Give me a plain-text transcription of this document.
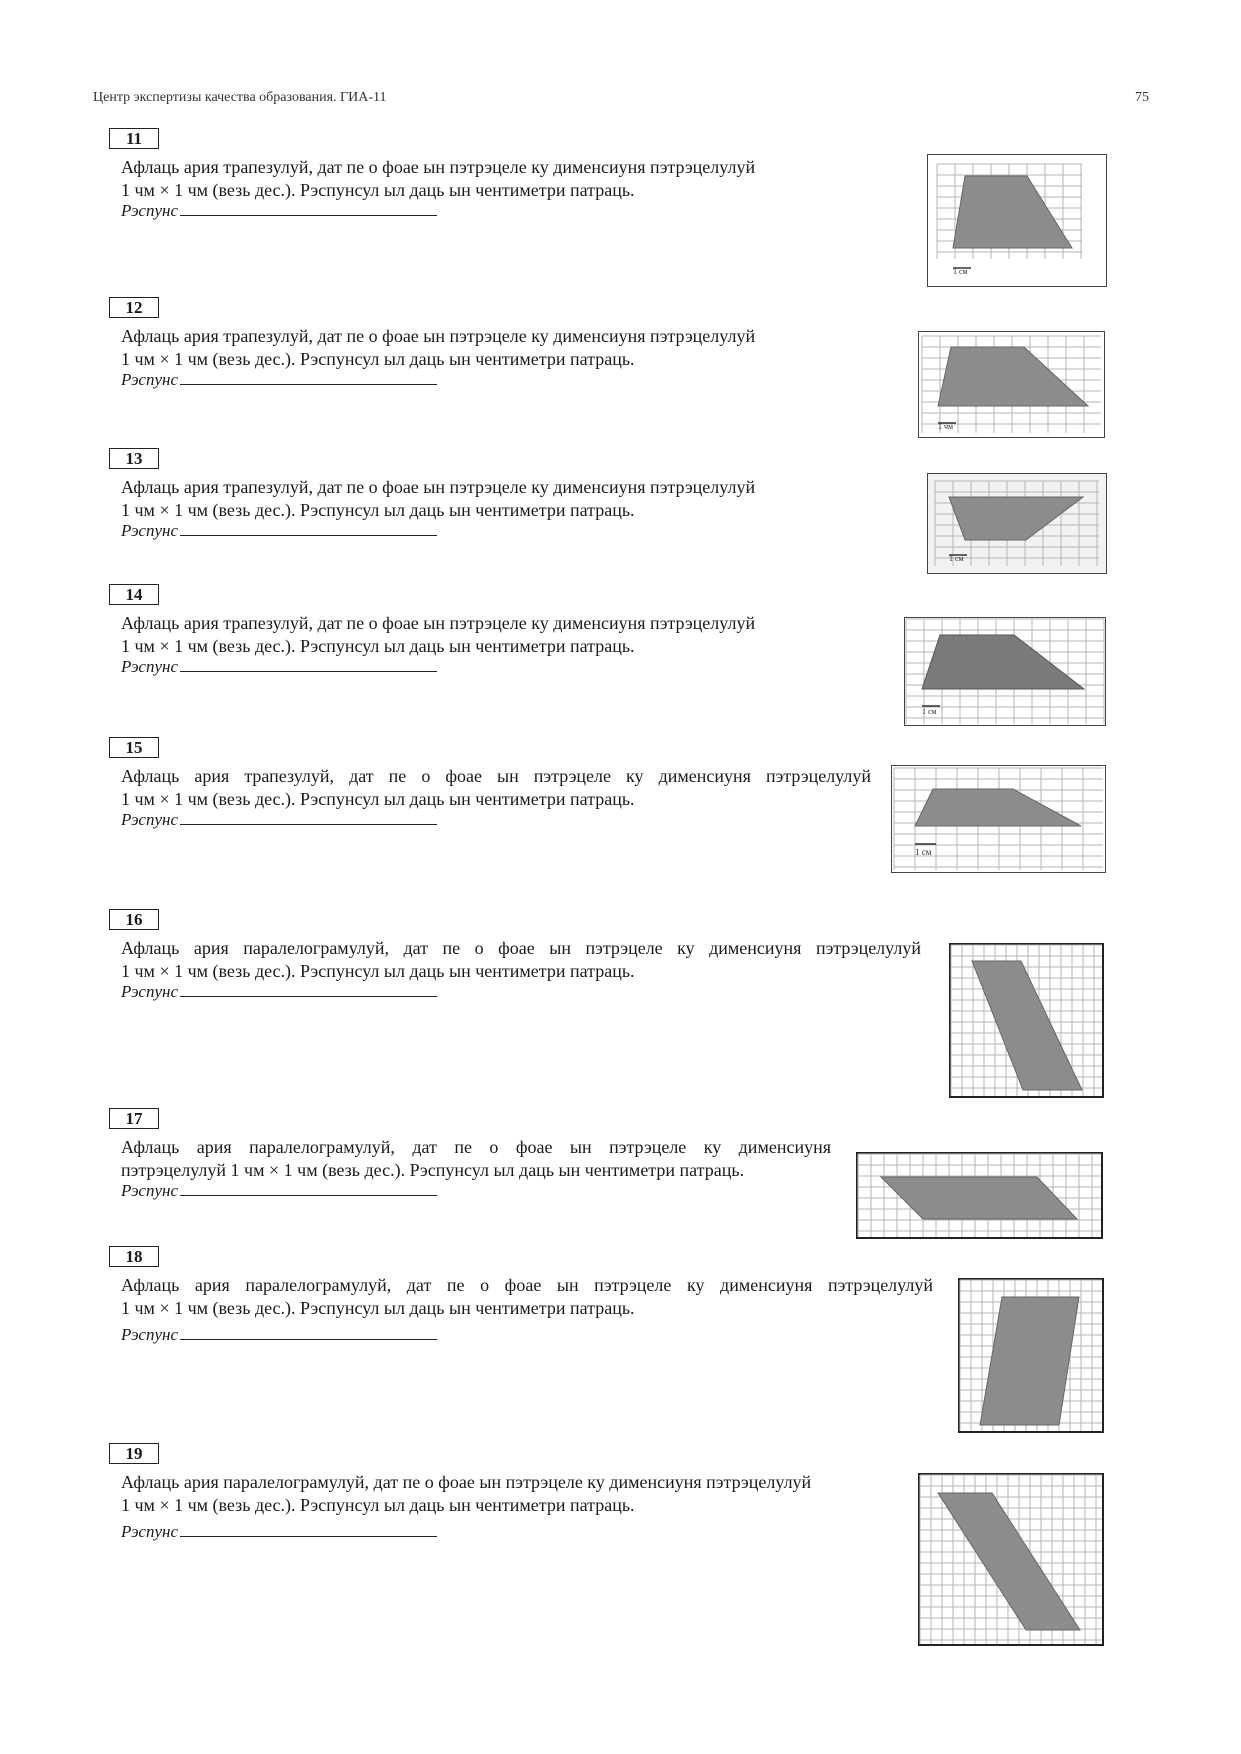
Центр экспертизы качества образования. ГИА-11	75
11
Афлаць ария трапезулуй, дат пе о фоае ын пэтрэцеле ку дименсиуня пэтрэцелулуй
1 чм × 1 чм (везь дес.). Рэспунсул ыл даць ын чентиметри патраць.
Рэспунс
1 см
12
Афлаць ария трапезулуй, дат пе о фоае ын пэтрэцеле ку дименсиуня пэтрэцелулуй
1 чм × 1 чм (везь дес.). Рэспунсул ыл даць ын чентиметри патраць.
Рэспунс
1 чм
13
Афлаць ария трапезулуй, дат пе о фоае ын пэтрэцеле ку дименсиуня пэтрэцелулуй
1 чм × 1 чм (везь дес.). Рэспунсул ыл даць ын чентиметри патраць.
Рэспунс
1 см
14
Афлаць ария трапезулуй, дат пе о фоае ын пэтрэцеле ку дименсиуня пэтрэцелулуй
1 чм × 1 чм (везь дес.). Рэспунсул ыл даць ын чентиметри патраць.
Рэспунс
1 см
15
Афлаць ария трапезулуй, дат пе о фоае ын пэтрэцеле ку дименсиуня пэтрэцелулуй
1 чм × 1 чм (везь дес.). Рэспунсул ыл даць ын чентиметри патраць.
Рэспунс
1 см
16
Афлаць ария паралелограмулуй, дат пе о фоае ын пэтрэцеле ку дименсиуня пэтрэцелулуй
1 чм × 1 чм (везь дес.). Рэспунсул ыл даць ын чентиметри патраць.
Рэспунс
17
Афлаць ария паралелограмулуй, дат пе о фоае ын пэтрэцеле ку дименсиуня
пэтрэцелулуй 1 чм × 1 чм (везь дес.). Рэспунсул ыл даць ын чентиметри патраць.
Рэспунс
18
Афлаць ария паралелограмулуй, дат пе о фоае ын пэтрэцеле ку дименсиуня пэтрэцелулуй
1 чм × 1 чм (везь дес.). Рэспунсул ыл даць ын чентиметри патраць.
Рэспунс
19
Афлаць ария паралелограмулуй, дат пе о фоае ын пэтрэцеле ку дименсиуня пэтрэцелулуй
1 чм × 1 чм (везь дес.). Рэспунсул ыл даць ын чентиметри патраць.
Рэспунс
